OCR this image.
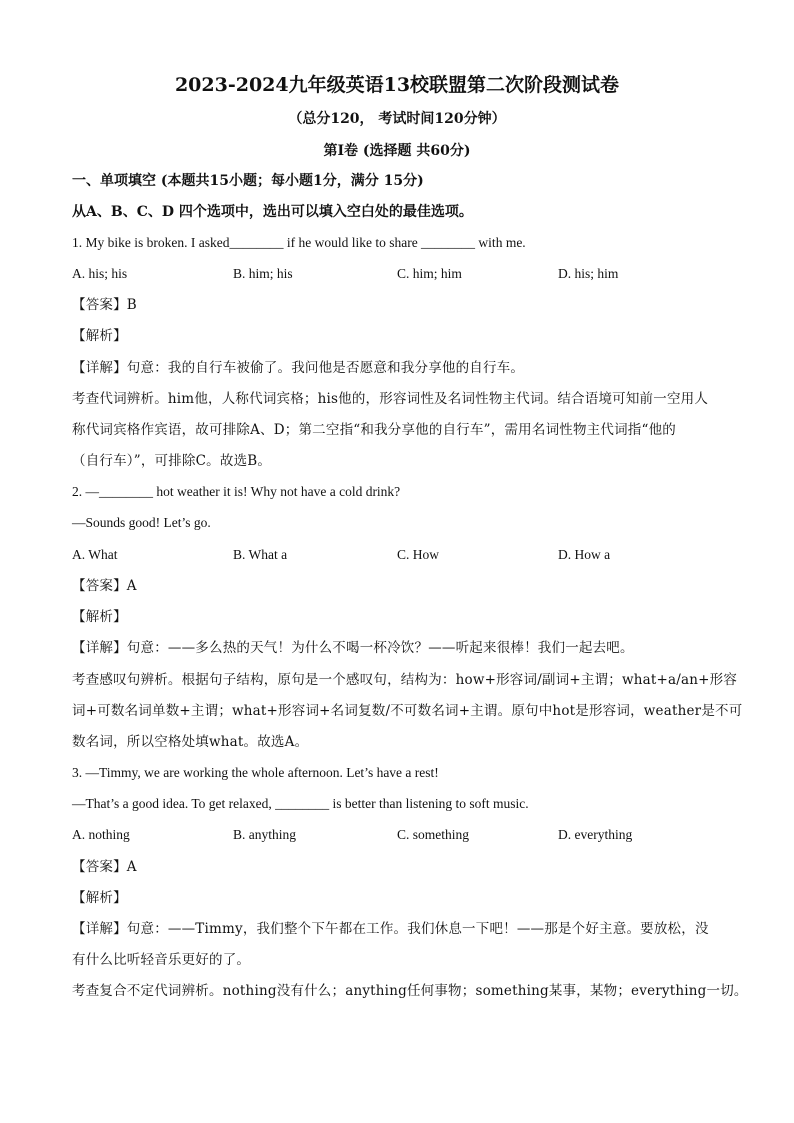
2023-2024九年级英语13校联盟第二次阶段测试卷
（总分120， 考试时间120分钟）
第Ⅰ卷 (选择题 共60分)
一、单项填空 (本题共15小题；每小题1分，满分 15分)
从A、B、C、D 四个选项中，选出可以填入空白处的最佳选项。
1. My bike is broken. I asked________ if he would like to share ________ with me.
A. his; his	B. him; his	C. him; him	D. his; him
【答案】B
【解析】
【详解】句意：我的自行车被偷了。我问他是否愿意和我分享他的自行车。
考查代词辨析。him他，人称代词宾格；his他的，形容词性及名词性物主代词。结合语境可知前一空用人
称代词宾格作宾语，故可排除A、D；第二空指“和我分享他的自行车”，需用名词性物主代词指“他的
（自行车）”，可排除C。故选B。
2. —________ hot weather it is! Why not have a cold drink?
—Sounds good! Let’s go.
A. What	B. What a	C. How	D. How a
【答案】A
【解析】
【详解】句意：——多么热的天气！为什么不喝一杯冷饮？——听起来很棒！我们一起去吧。
考查感叹句辨析。根据句子结构，原句是一个感叹句，结构为：how+形容词/副词+主谓；what+a/an+形容
词+可数名词单数+主谓；what+形容词+名词复数/不可数名词+主谓。原句中hot是形容词，weather是不可
数名词，所以空格处填what。故选A。
3. —Timmy, we are working the whole afternoon. Let’s have a rest!
—That’s a good idea. To get relaxed, ________ is better than listening to soft music.
A. nothing	B. anything	C. something	D. everything
【答案】A
【解析】
【详解】句意：——Timmy，我们整个下午都在工作。我们休息一下吧！——那是个好主意。要放松，没
有什么比听轻音乐更好的了。
考查复合不定代词辨析。nothing没有什么；anything任何事物；something某事，某物；everything一切。
